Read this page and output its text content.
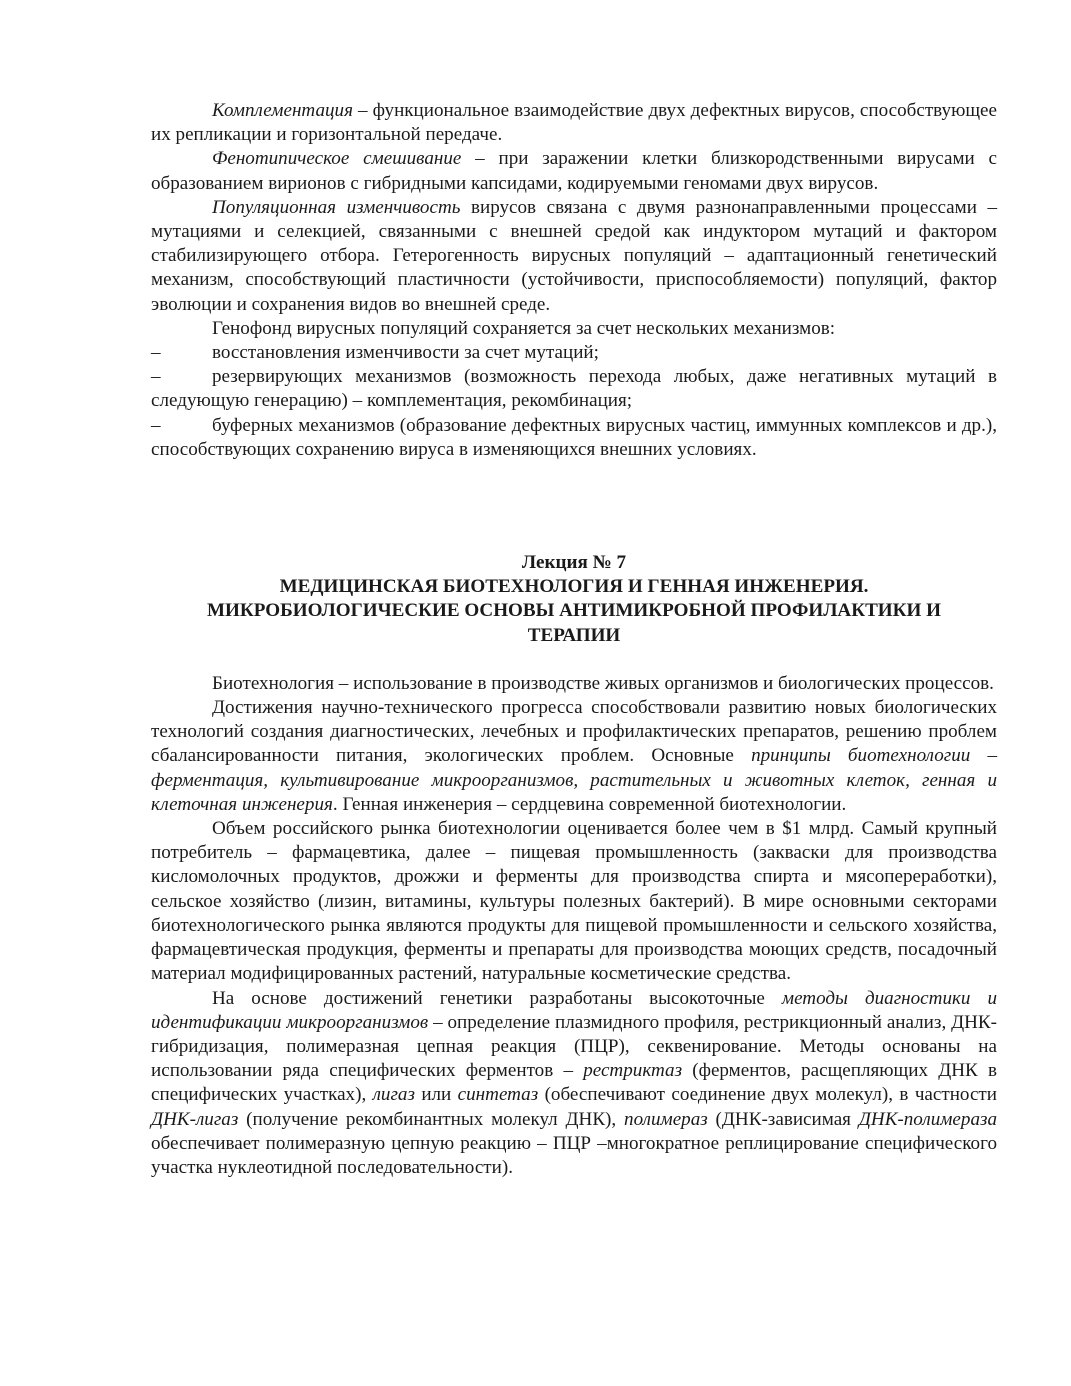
Комплементация – функциональное взаимодействие двух дефектных вирусов, способствующее их репликации и горизонтальной передаче.

Фенотипическое смешивание – при заражении клетки близкородственными вирусами с образованием вирионов с гибридными капсидами, кодируемыми геномами двух вирусов.

Популяционная изменчивость вирусов связана с двумя разнонаправленными процессами – мутациями и селекцией, связанными с внешней средой как индуктором мутаций и фактором стабилизирующего отбора. Гетерогенность вирусных популяций – адаптационный генетический механизм, способствующий пластичности (устойчивости, приспособляемости) популяций, фактор эволюции и сохранения видов во внешней среде.

Генофонд вирусных популяций сохраняется за счет нескольких механизмов:

–	восстановления изменчивости за счет мутаций;

–	резервирующих механизмов (возможность перехода любых, даже негативных мутаций в следующую генерацию) – комплементация, рекомбинация;

–	буферных механизмов (образование дефектных вирусных частиц, иммунных комплексов и др.), способствующих сохранению вируса в изменяющихся внешних условиях.

Лекция № 7
МЕДИЦИНСКАЯ БИОТЕХНОЛОГИЯ И ГЕННАЯ ИНЖЕНЕРИЯ.
МИКРОБИОЛОГИЧЕСКИЕ ОСНОВЫ АНТИМИКРОБНОЙ ПРОФИЛАКТИКИ И
ТЕРАПИИ

Биотехнология – использование в производстве живых организмов и биологических процессов.

Достижения научно-технического прогресса способствовали развитию новых биологических технологий создания диагностических, лечебных и профилактических препаратов, решению проблем сбалансированности питания, экологических проблем. Основные принципы биотехнологии – ферментация, культивирование микроорганизмов, растительных и животных клеток, генная и клеточная инженерия. Генная инженерия – сердцевина современной биотехнологии.

Объем российского рынка биотехнологии оценивается более чем в $1 млрд. Самый крупный потребитель – фармацевтика, далее – пищевая промышленность (закваски для производства кисломолочных продуктов, дрожжи и ферменты для производства спирта и мясопереработки), сельское хозяйство (лизин, витамины, культуры полезных бактерий). В мире основными секторами биотехнологического рынка являются продукты для пищевой промышленности и сельского хозяйства, фармацевтическая продукция, ферменты и препараты для производства моющих средств, посадочный материал модифицированных растений, натуральные косметические средства.

На основе достижений генетики разработаны высокоточные методы диагностики и идентификации микроорганизмов – определение плазмидного профиля, рестрикционный анализ, ДНК-гибридизация, полимеразная цепная реакция (ПЦР), секвенирование. Методы основаны на использовании ряда специфических ферментов – рестриктаз (ферментов, расщепляющих ДНК в специфических участках), лигаз или синтетаз (обеспечивают соединение двух молекул), в частности ДНК-лигаз (получение рекомбинантных молекул ДНК), полимераз (ДНК-зависимая ДНК-полимераза обеспечивает полимеразную цепную реакцию – ПЦР –многократное реплицирование специфического участка нуклеотидной последовательности).
